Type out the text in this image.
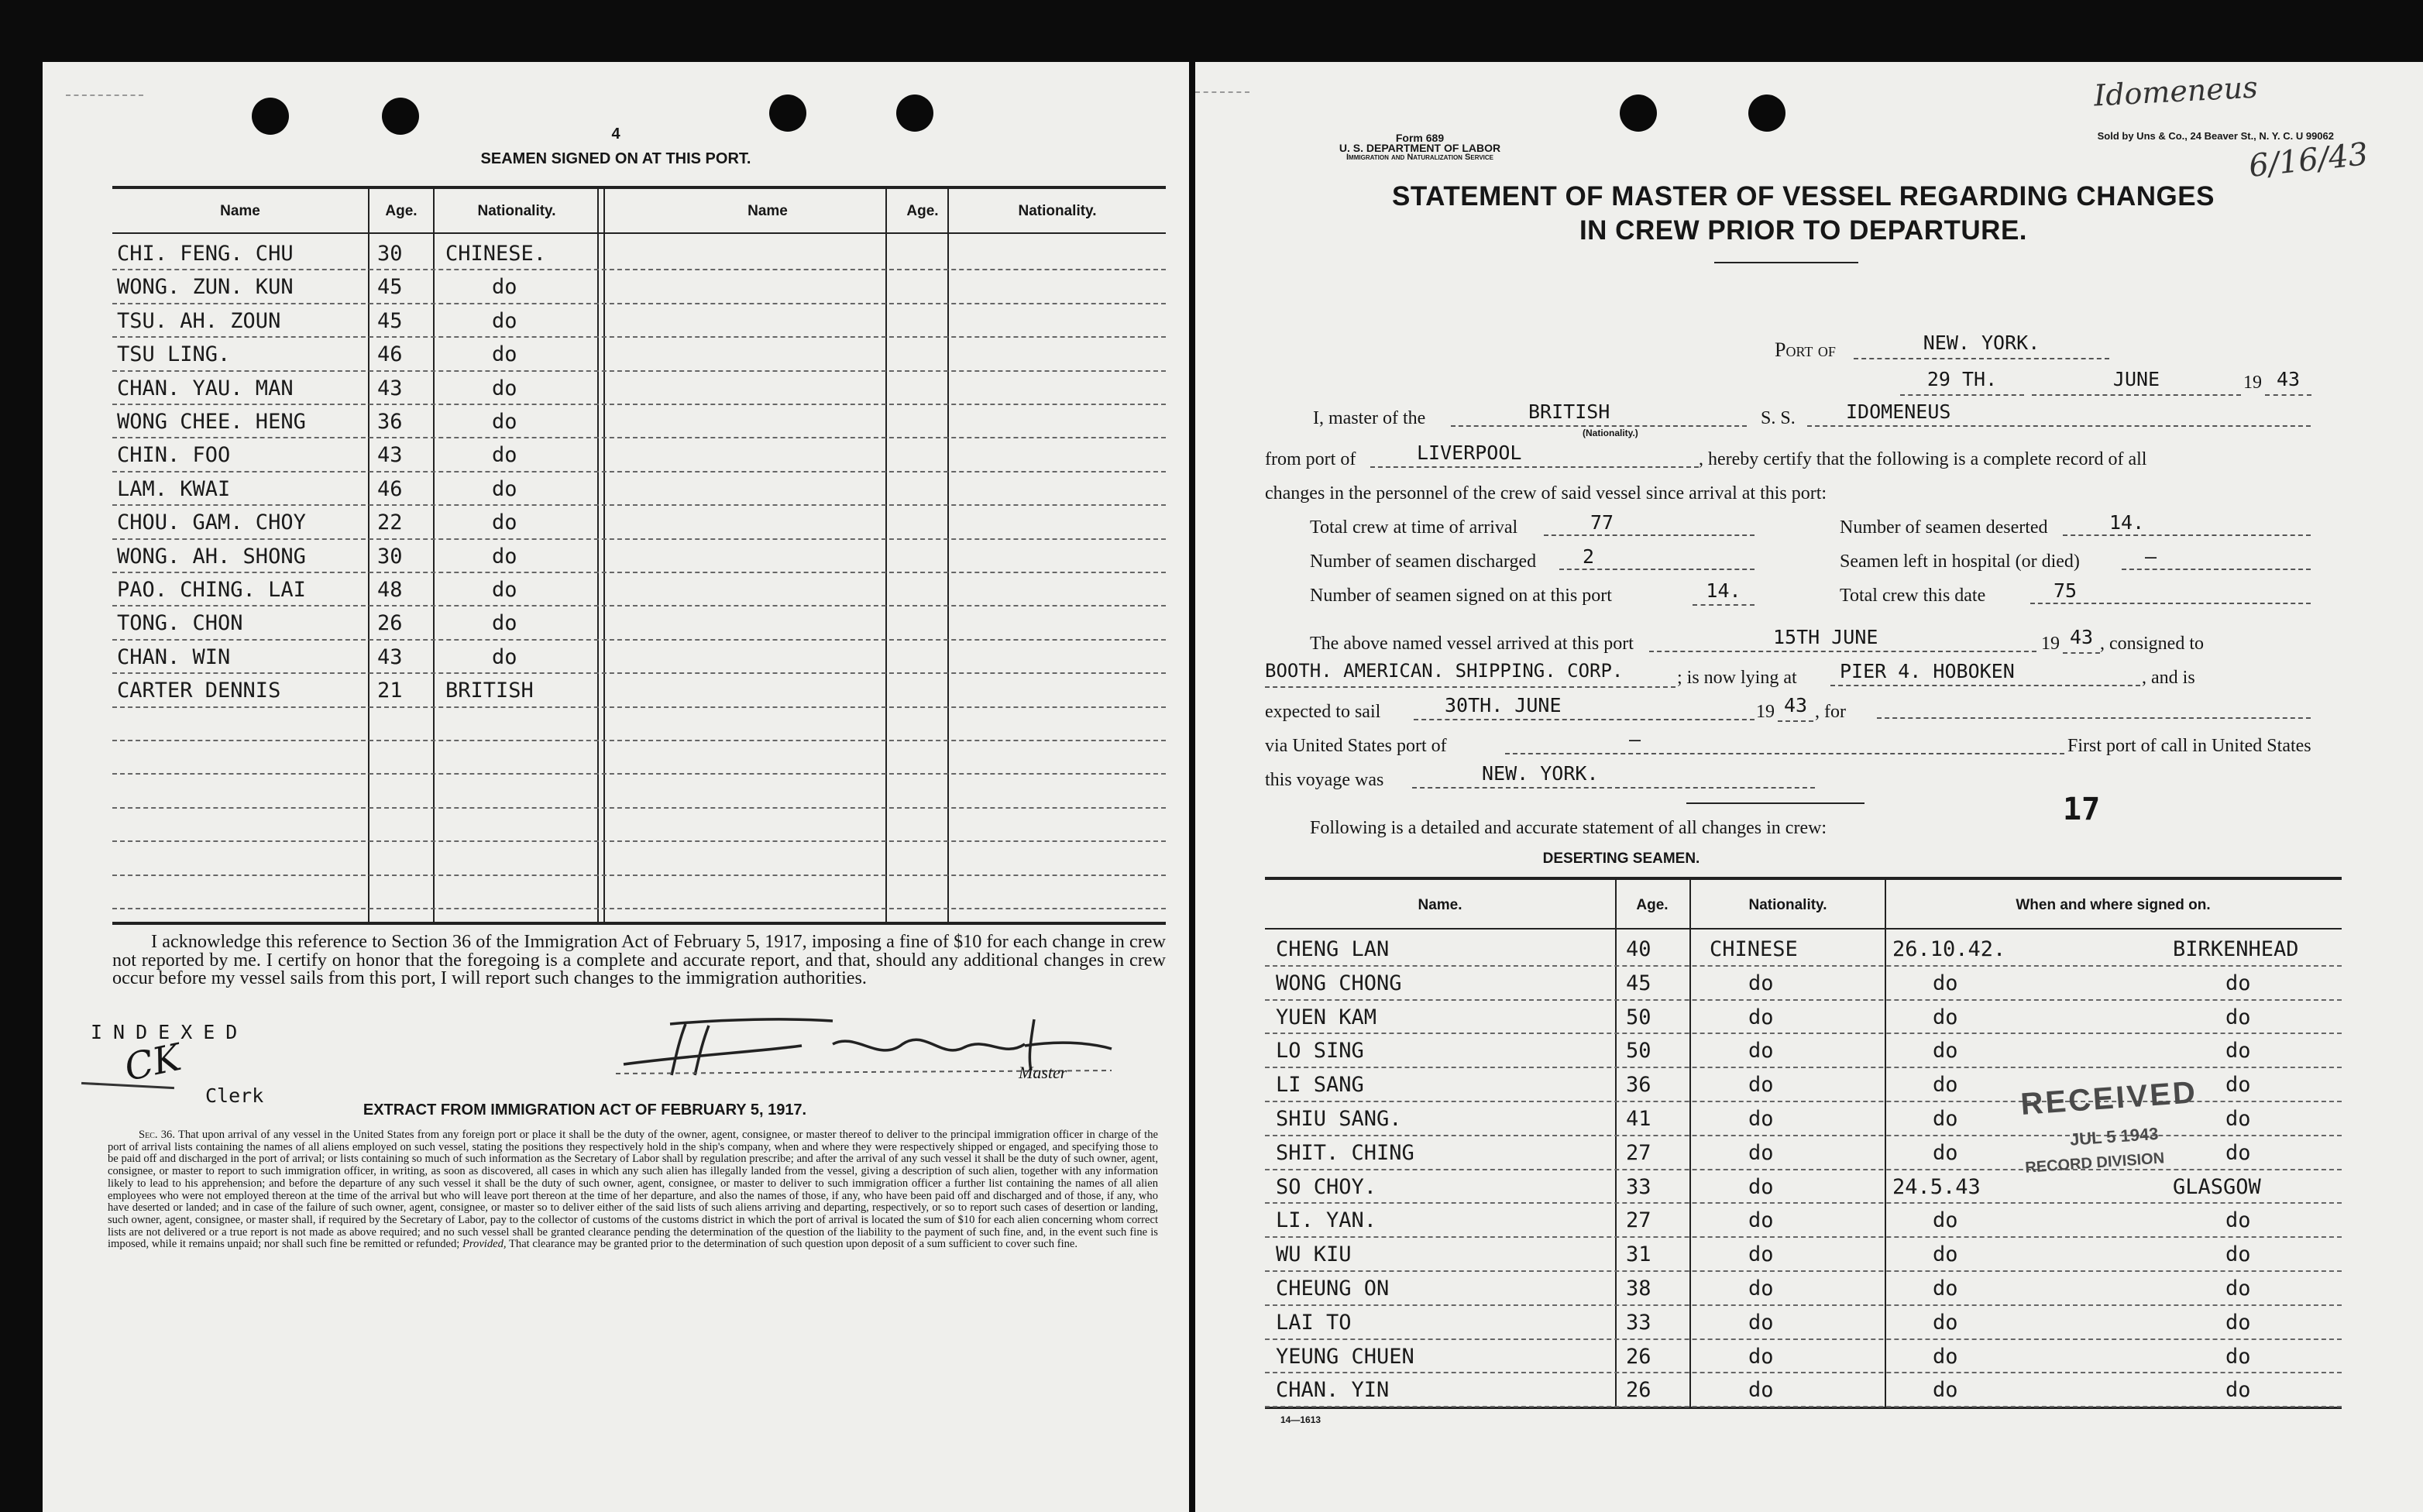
4
SEAMEN SIGNED ON AT THIS PORT.
Name	Age.	Nationality.	Name	Age.	Nationality.
CHI. FENG. CHU	30 CHINESE.
WONG. ZUN. KUN	45	do
TSU. AH. ZOUN	45	do
TSU LING.	46	do
CHAN. YAU. MAN	43	do
WONG CHEE. HENG	36	do
CHIN. FOO	43	do
LAM. KWAI	46	do
CHOU. GAM. CHOY	22	do
WONG. AH. SHONG	30	do
PAO. CHING. LAI	48	do
TONG. CHON	26	do
CHAN. WIN	43	do
CARTER DENNIS	21 BRITISH
I acknowledge this reference to Section 36 of the Immigration Act of February 5, 1917, imposing a fine of $10 for each change in crew not reported by me. I certify on honor that the foregoing is a complete and accurate report, and that, should any additional changes in crew occur before my vessel sails from this port, I will report such changes to the immigration authorities.
INDEXED
CK
Clerk
Master
EXTRACT FROM IMMIGRATION ACT OF FEBRUARY 5, 1917.
Sec. 36. That upon arrival of any vessel in the United States from any foreign port or place it shall be the duty of the owner, agent, consignee, or master thereof to deliver to the principal immigration officer in charge of the port of arrival lists containing the names of all aliens employed on such vessel, stating the positions they respectively hold in the ship's company, when and where they were respectively shipped or engaged, and specifying those to be paid off and discharged in the port of arrival; or lists containing so much of such information as the Secretary of Labor shall by regulation prescribe; and after the arrival of any such vessel it shall be the duty of such owner, agent, consignee, or master to report to such immigration officer, in writing, as soon as discovered, all cases in which any such alien has illegally landed from the vessel, giving a description of such alien, together with any information likely to lead to his apprehension; and before the departure of any such vessel it shall be the duty of such owner, agent, consignee, or master to deliver to such immigration officer a further list containing the names of all alien employees who were not employed thereon at the time of the arrival but who will leave port thereon at the time of her departure, and also the names of those, if any, who have been paid off and discharged and of those, if any, who have deserted or landed; and in case of the failure of such owner, agent, consignee, or master so to deliver either of the said lists of such aliens arriving and departing, respectively, or so to report such cases of desertion or landing, such owner, agent, consignee, or master shall, if required by the Secretary of Labor, pay to the collector of customs of the customs district in which the port of arrival is located the sum of $10 for each alien concerning whom correct lists are not delivered or a true report is not made as above required; and no such vessel shall be granted clearance pending the determination of the question of the liability to the payment of such fine, and, in the event such fine is imposed, while it remains unpaid; nor shall such fine be remitted or refunded; Provided, That clearance may be granted prior to the determination of such question upon deposit of a sum sufficient to cover such fine.
Form 689
U. S. DEPARTMENT OF LABOR
Immigration and Naturalization Service
Sold by Uns & Co., 24 Beaver St., N. Y. C. U 99062
Idomeneus
6/16/43
STATEMENT OF MASTER OF VESSEL REGARDING CHANGES
IN CREW PRIOR TO DEPARTURE.
Port of	NEW. YORK.
29 TH.	JUNE	19 43
I, master of the	BRITISH
(Nationality.)
S. S.	IDOMENEUS
from port of	LIVERPOOL	, hereby certify that the following is a complete record of all
changes in the personnel of the crew of said vessel since arrival at this port:
Total crew at time of arrival	77	Number of seamen deserted	14.
Number of seamen discharged	2	Seamen left in hospital (or died)	—
Number of seamen signed on at this port	14.	Total crew this date	75
The above named vessel arrived at this port	15TH JUNE	19 43 , consigned to
BOOTH. AMERICAN. SHIPPING. CORP.	; is now lying at	PIER 4. HOBOKEN	, and is
expected to sail	30TH. JUNE	19 43 , for
via United States port of	—	First port of call in United States
this voyage was	NEW. YORK.
Following is a detailed and accurate statement of all changes in crew:
17
DESERTING SEAMEN.
Name.	Age.	Nationality.	When and where signed on.
CHENG LAN	40	CHINESE	26.10.42.	BIRKENHEAD
WONG CHONG	45	do	do	do
YUEN KAM	50	do	do	do
LO SING	50	do	do	do
LI SANG	36	do	do	do
SHIU SANG.	41	do	do	do
SHIT. CHING	27	do	do	do
SO CHOY.	33	do	24.5.43	GLASGOW
LI. YAN.	27	do	do	do
WU KIU	31	do	do	do
CHEUNG ON	38	do	do	do
LAI TO	33	do	do	do
YEUNG CHUEN	26	do	do	do
CHAN. YIN	26	do	do	do
RECEIVED
JUL 5 1943
RECORD DIVISION
14—1613
